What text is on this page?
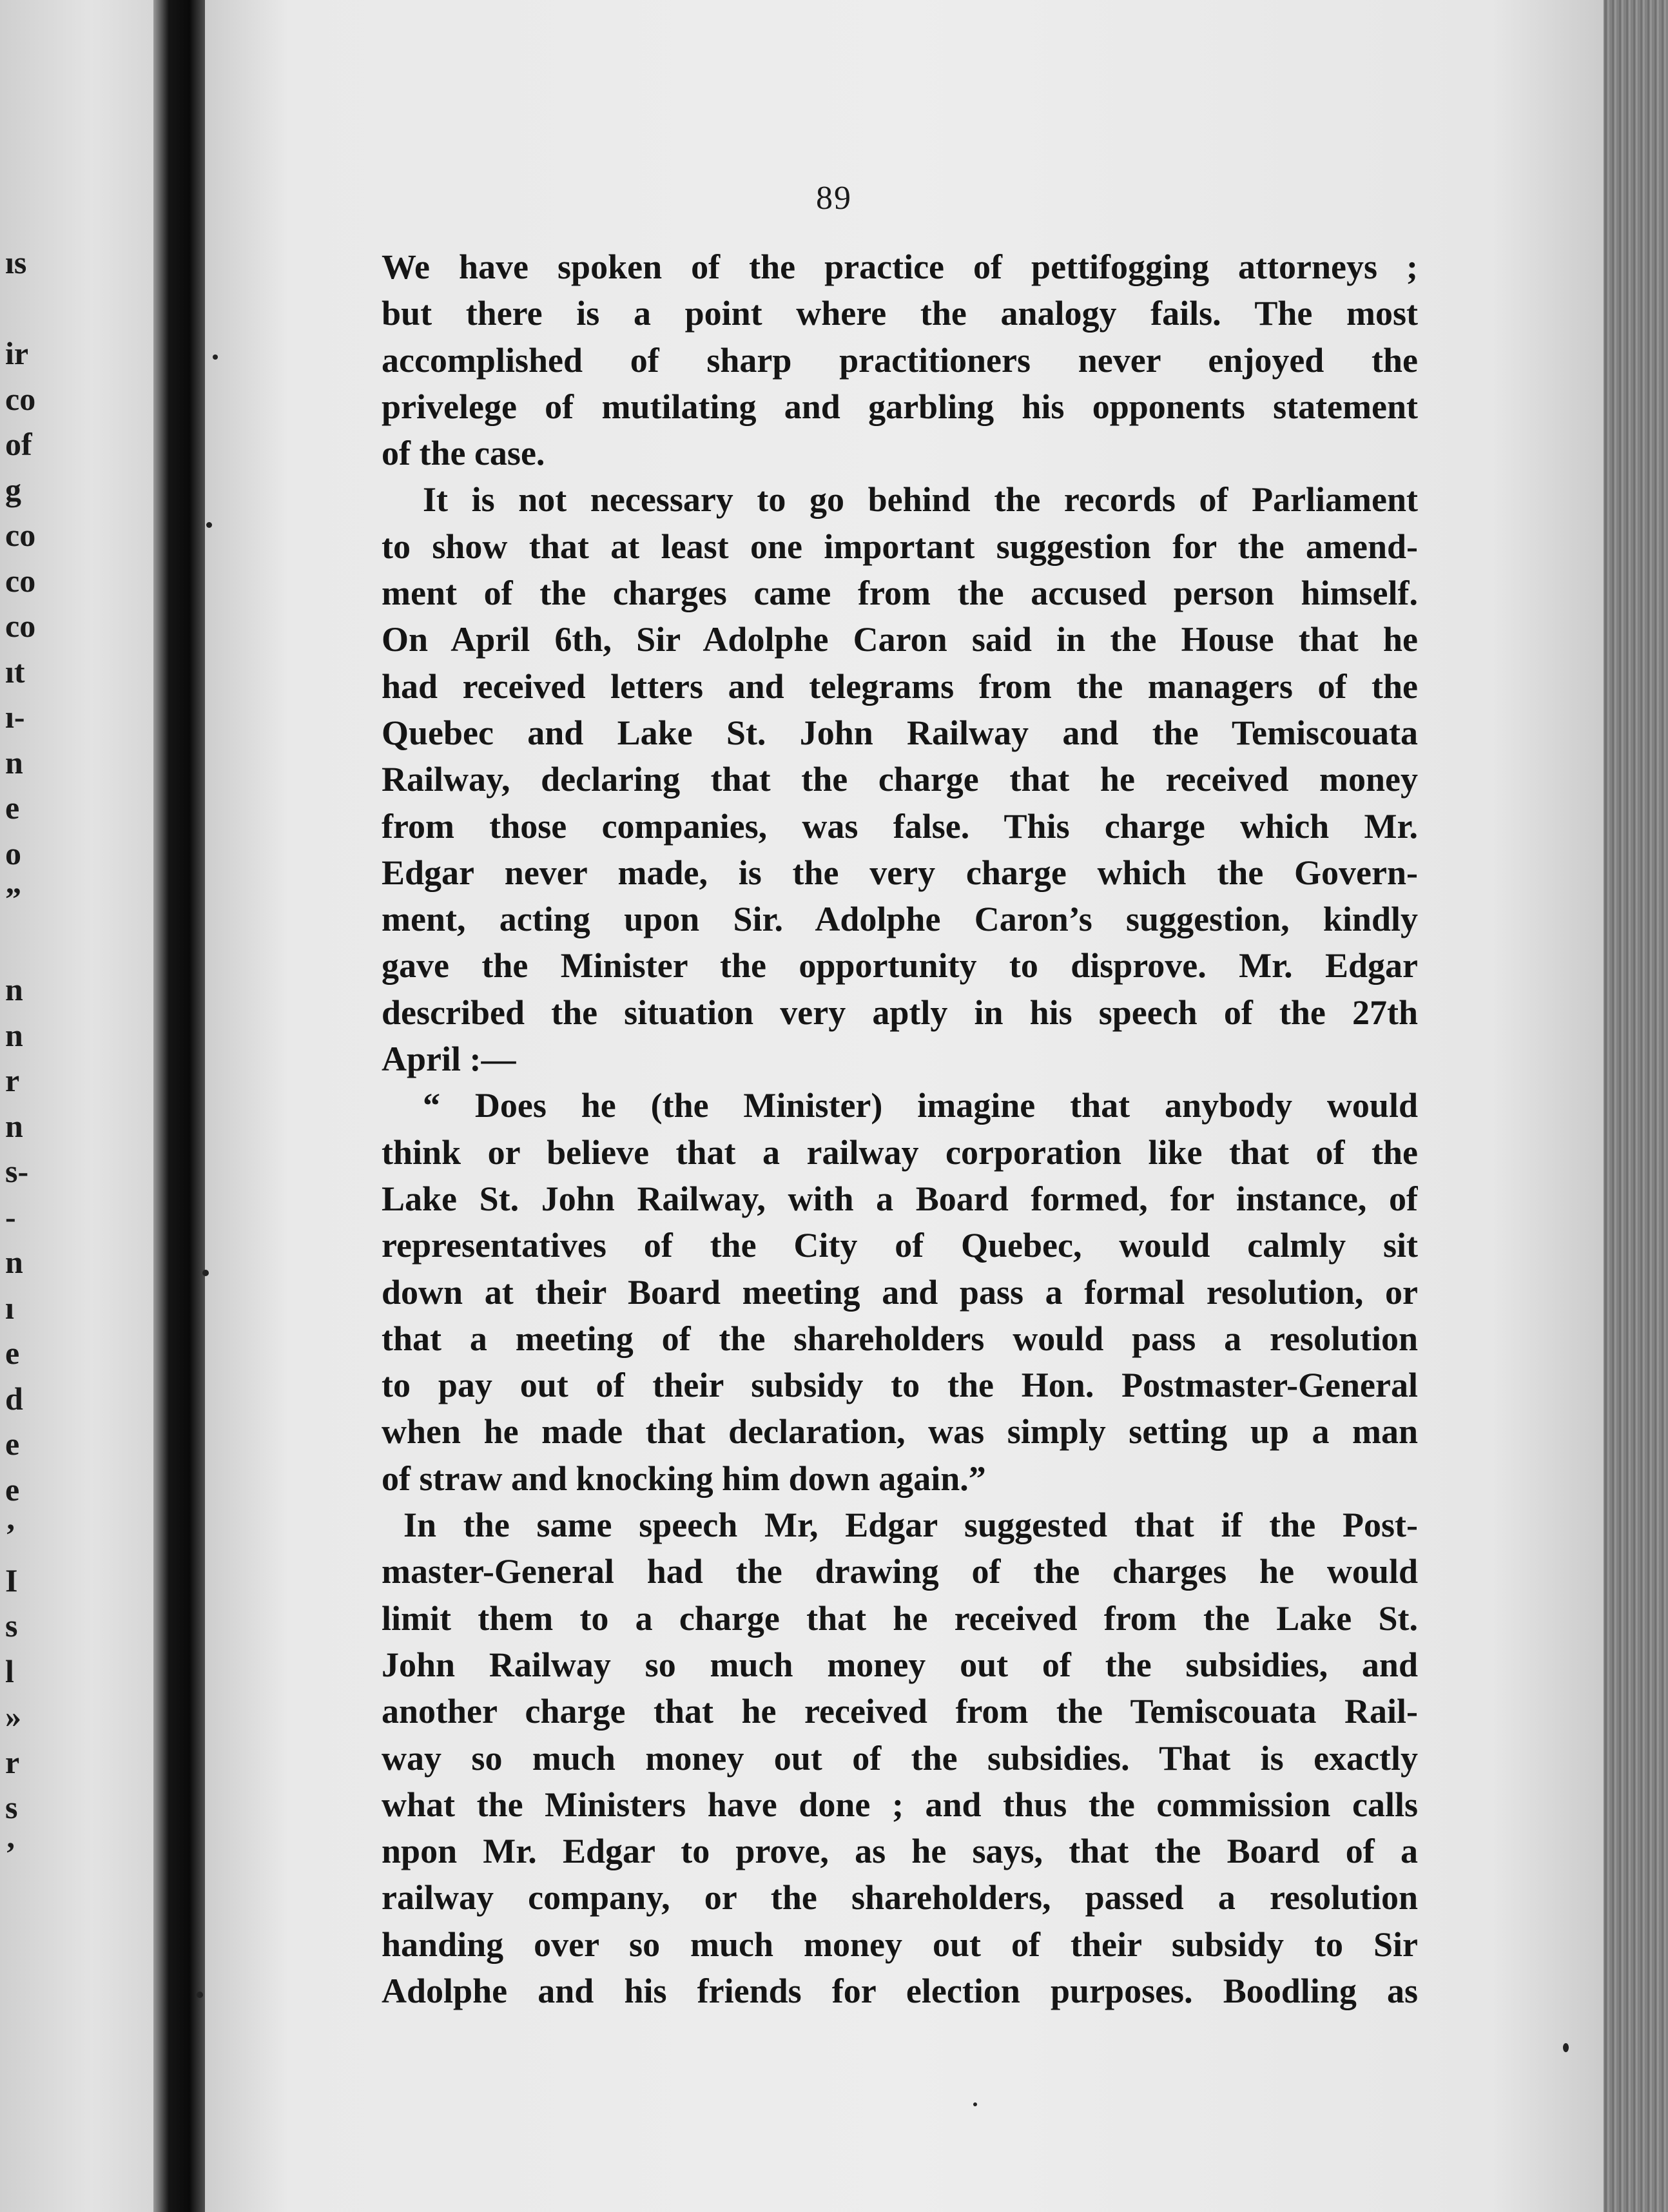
ıs
ir
co
of
g
co
co
co
ıt
ı-
n
e
o
”
n
n
r
n
s-
-
n
ı
e
d
e
e
’
I
s
l
»
r
s
’
89
We have spoken of the practice of pettifogging attorneys ;
but there is a point where the analogy fails. The most
accomplished of sharp practitioners never enjoyed the
privelege of mutilating and garbling his opponents statement
of the case.
It is not necessary to go behind the records of Parliament
to show that at least one important suggestion for the amend-
ment of the charges came from the accused person himself.
On April 6th, Sir Adolphe Caron said in the House that he
had received letters and telegrams from the managers of the
Quebec and Lake St. John Railway and the Temiscouata
Railway, declaring that the charge that he received money
from those companies, was false. This charge which Mr.
Edgar never made, is the very charge which the Govern-
ment, acting upon Sir. Adolphe Caron’s suggestion, kindly
gave the Minister the opportunity to disprove. Mr. Edgar
described the situation very aptly in his speech of the 27th
April :—
“ Does he (the Minister) imagine that anybody would
think or believe that a railway corporation like that of the
Lake St. John Railway, with a Board formed, for instance, of
representatives of the City of Quebec, would calmly sit
down at their Board meeting and pass a formal resolution, or
that a meeting of the shareholders would pass a resolution
to pay out of their subsidy to the Hon. Postmaster-General
when he made that declaration, was simply setting up a man
of straw and knocking him down again.”
In the same speech Mr, Edgar suggested that if the Post-
master-General had the drawing of the charges he would
limit them to a charge that he received from the Lake St.
John Railway so much money out of the subsidies, and
another charge that he received from the Temiscouata Rail-
way so much money out of the subsidies. That is exactly
what the Ministers have done ; and thus the commission calls
npon Mr. Edgar to prove, as he says, that the Board of a
railway company, or the shareholders, passed a resolution
handing over so much money out of their subsidy to Sir
Adolphe and his friends for election purposes. Boodling as
